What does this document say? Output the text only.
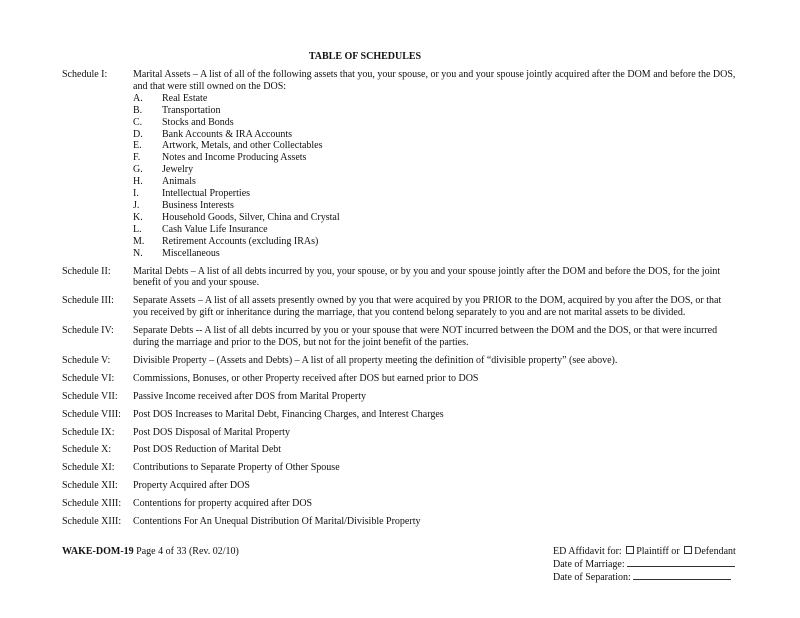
TABLE OF SCHEDULES
Schedule I:	Marital Assets – A list of all of the following assets that you, your spouse, or you and your spouse jointly acquired after the DOM and before the DOS, and that were still owned on the DOS:
A.	Real Estate
B.	Transportation
C.	Stocks and Bonds
D.	Bank Accounts & IRA Accounts
E.	Artwork, Metals, and other Collectables
F.	Notes and Income Producing Assets
G.	Jewelry
H.	Animals
I.	Intellectual Properties
J.	Business Interests
K.	Household Goods, Silver, China and Crystal
L.	Cash Value Life Insurance
M.	Retirement Accounts (excluding IRAs)
N.	Miscellaneous
Schedule II:	Marital Debts – A list of all debts incurred by you, your spouse, or by you and your spouse jointly after the DOM and before the DOS, for the joint benefit of you and your spouse.
Schedule III:	Separate Assets – A list of all assets presently owned by you that were acquired by you PRIOR to the DOM, acquired by you after the DOS, or that you received by gift or inheritance during the marriage, that you contend belong separately to you and are not marital assets to be divided.
Schedule IV:	Separate Debts -- A list of all debts incurred by you or your spouse that were NOT incurred between the DOM and the DOS, or that were incurred during the marriage and prior to the DOS, but not for the joint benefit of the parties.
Schedule V:	Divisible Property – (Assets and Debts) – A list of all property meeting the definition of “divisible property” (see above).
Schedule VI:	Commissions, Bonuses, or other Property received after DOS but earned prior to DOS
Schedule VII:	Passive Income received after DOS from Marital Property
Schedule VIII:	Post DOS Increases to Marital Debt, Financing Charges, and Interest Charges
Schedule IX:	Post DOS Disposal of Marital Property
Schedule X:	Post DOS Reduction of Marital Debt
Schedule XI:	Contributions to Separate Property of Other Spouse
Schedule XII:	Property Acquired after DOS
Schedule XIII:	Contentions for property acquired after DOS
Schedule XIII:	Contentions For An Unequal Distribution Of Marital/Divisible Property
WAKE-DOM-19 Page 4 of 33 (Rev. 02/10)	ED Affidavit for: Plaintiff or Defendant
Date of Marriage:
Date of Separation:
